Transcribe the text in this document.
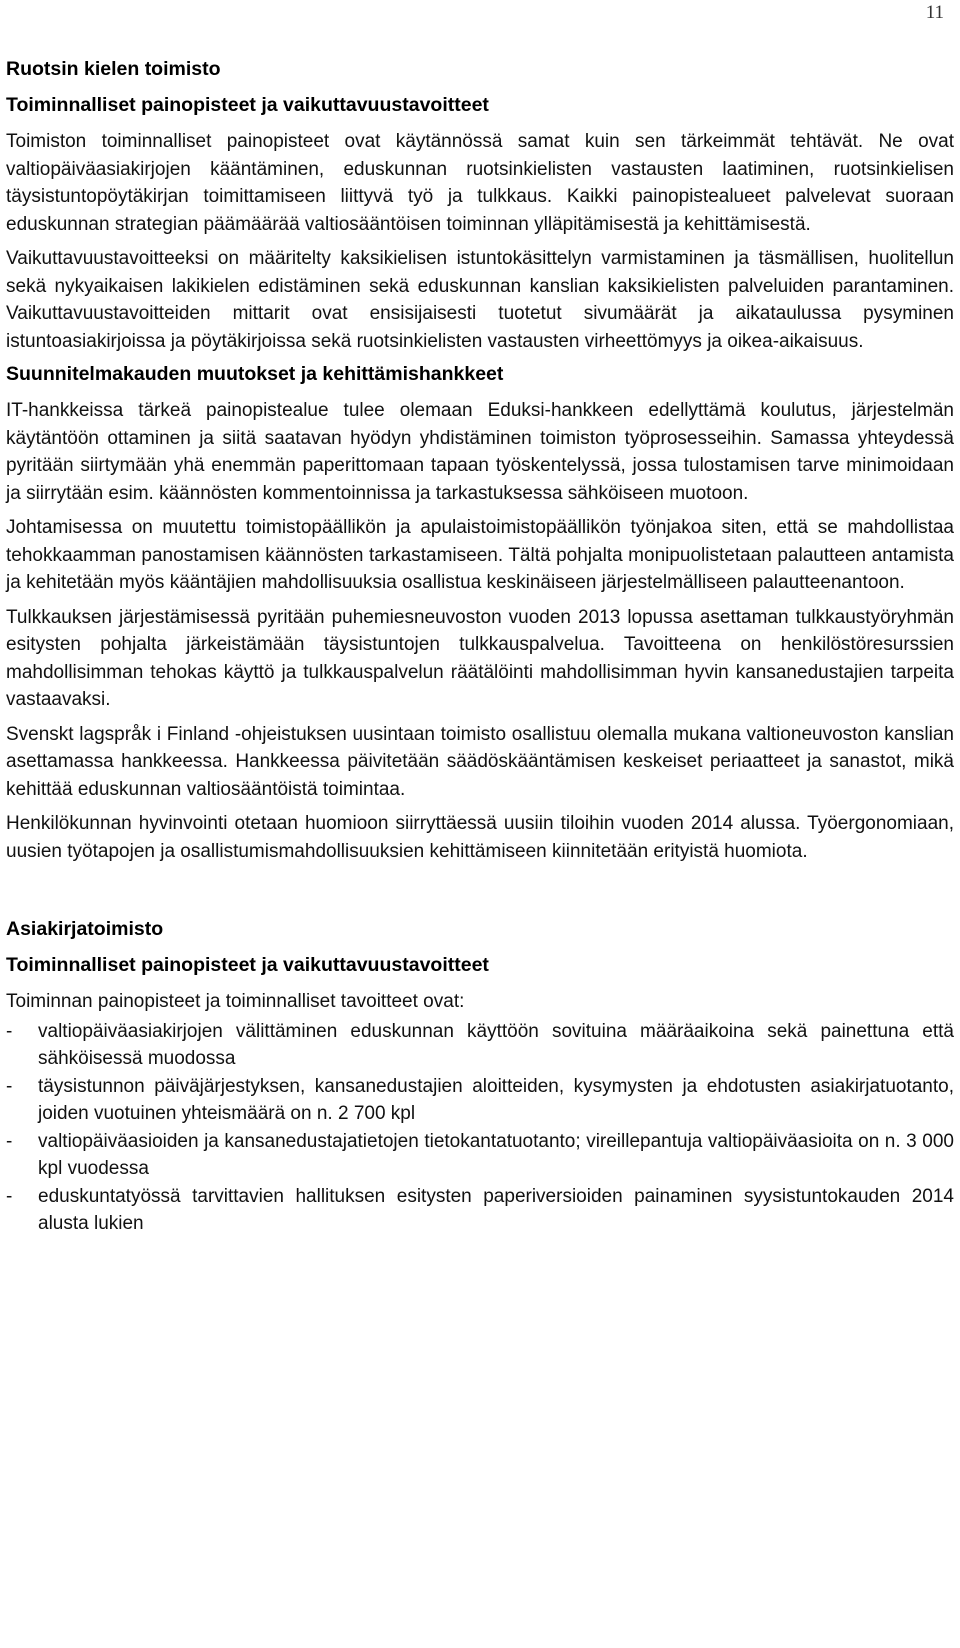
11
Ruotsin kielen toimisto
Toiminnalliset painopisteet ja vaikuttavuustavoitteet

Toimiston toiminnalliset painopisteet ovat käytännössä samat kuin sen tärkeimmät tehtävät. Ne ovat valtiopäiväasiakirjojen kääntäminen, eduskunnan ruotsinkielisten vastausten laatiminen, ruotsinkielisen täysistuntopöytäkirjan toimittamiseen liittyvä työ ja tulkkaus. Kaikki painopistealueet palvelevat suoraan eduskunnan strategian päämäärää valtiosääntöisen toiminnan ylläpitämisestä ja kehittämisestä.

Vaikuttavuustavoitteeksi on määritelty kaksikielisen istuntokäsittelyn varmistaminen ja täsmällisen, huolitellun sekä nykyaikaisen lakikielen edistäminen sekä eduskunnan kanslian kaksikielisten palveluiden parantaminen. Vaikuttavuustavoitteiden mittarit ovat ensisijaisesti tuotetut sivumäärät ja aikataulussa pysyminen istuntoasiakirjoissa ja pöytäkirjoissa sekä ruotsinkielisten vastausten virheettömyys ja oikea-aikaisuus.

Suunnitelmakauden muutokset ja kehittämishankkeet

IT-hankkeissa tärkeä painopistealue tulee olemaan Eduksi-hankkeen edellyttämä koulutus, järjestelmän käytäntöön ottaminen ja siitä saatavan hyödyn yhdistäminen toimiston työprosesseihin. Samassa yhteydessä pyritään siirtymään yhä enemmän paperittomaan tapaan työskentelyssä, jossa tulostamisen tarve minimoidaan ja siirrytään esim. käännösten kommentoinnissa ja tarkastuksessa sähköiseen muotoon.

Johtamisessa on muutettu toimistopäällikön ja apulaistoimistopäällikön työnjakoa siten, että se mahdollistaa tehokkaamman panostamisen käännösten tarkastamiseen. Tältä pohjalta monipuolistetaan palautteen antamista ja kehitetään myös kääntäjien mahdollisuuksia osallistua keskinäiseen järjestelmälliseen palautteenantoon.

Tulkkauksen järjestämisessä pyritään puhemiesneuvoston vuoden 2013 lopussa asettaman tulkkaustyöryhmän esitysten pohjalta järkeistämään täysistuntojen tulkkauspalvelua. Tavoitteena on henkilöstöresurssien mahdollisimman tehokas käyttö ja tulkkauspalvelun räätälöinti mahdollisimman hyvin kansanedustajien tarpeita vastaavaksi.

Svenskt lagspråk i Finland -ohjeistuksen uusintaan toimisto osallistuu olemalla mukana valtioneuvoston kanslian asettamassa hankkeessa. Hankkeessa päivitetään säädöskääntämisen keskeiset periaatteet ja sanastot, mikä kehittää eduskunnan valtiosääntöistä toimintaa.

Henkilökunnan hyvinvointi otetaan huomioon siirryttäessä uusiin tiloihin vuoden 2014 alussa. Työergonomiaan, uusien työtapojen ja osallistumismahdollisuuksien kehittämiseen kiinnitetään erityistä huomiota.

Asiakirjatoimisto
Toiminnalliset painopisteet ja vaikuttavuustavoitteet
Toiminnan painopisteet ja toiminnalliset tavoitteet ovat:
- valtiopäiväasiakirjojen välittäminen eduskunnan käyttöön sovituina määräaikoina sekä painettuna että sähköisessä muodossa
- täysistunnon päiväjärjestyksen, kansanedustajien aloitteiden, kysymysten ja ehdotusten asiakirjatuotanto, joiden vuotuinen yhteismäärä on n. 2 700 kpl
- valtiopäiväasioiden ja kansanedustajatietojen tietokantatuotanto; vireillepantuja valtiopäiväasioita on n. 3 000 kpl vuodessa
- eduskuntatyössä tarvittavien hallituksen esitysten paperiversioiden painaminen syysistuntokauden 2014 alusta lukien
